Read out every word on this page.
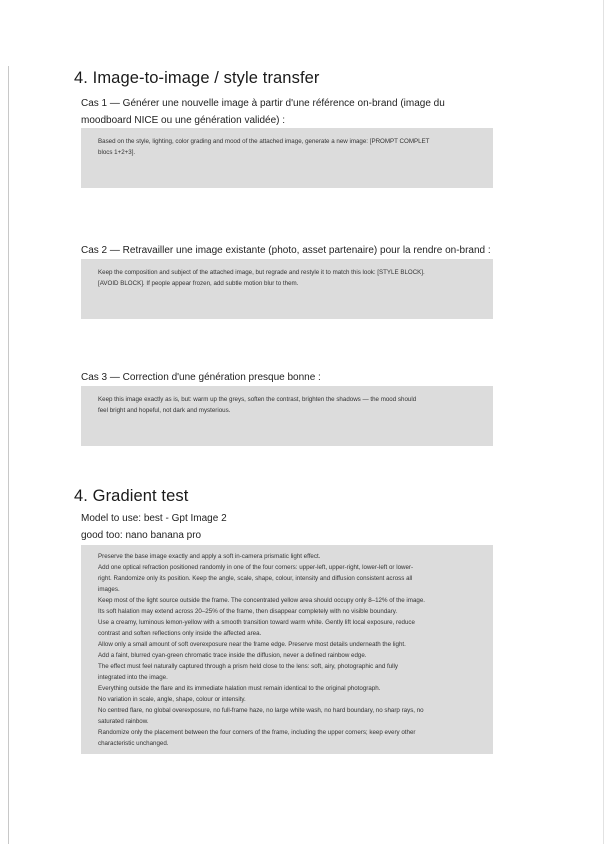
4. Image-to-image / style transfer

Cas 1 — Générer une nouvelle image à partir d'une référence on-brand (image du

moodboard NICE ou une génération validée) :

Based on the style, lighting, color grading and mood of the attached image, generate a new image: [PROMPT COMPLET
blocs 1+2+3].

Cas 2 — Retravailler une image existante (photo, asset partenaire) pour la rendre on-brand :

Keep the composition and subject of the attached image, but regrade and restyle it to match this look: [STYLE BLOCK].
[AVOID BLOCK]. If people appear frozen, add subtle motion blur to them.

Cas 3 — Correction d'une génération presque bonne :

Keep this image exactly as is, but: warm up the greys, soften the contrast, brighten the shadows — the mood should
feel bright and hopeful, not dark and mysterious.
4. Gradient test

Model to use: best - Gpt Image 2

good too: nano banana pro

Preserve the base image exactly and apply a soft in-camera prismatic light effect.
Add one optical refraction positioned randomly in one of the four corners: upper-left, upper-right, lower-left or lower-
right. Randomize only its position. Keep the angle, scale, shape, colour, intensity and diffusion consistent across all
images.
Keep most of the light source outside the frame. The concentrated yellow area should occupy only 8–12% of the image.
Its soft halation may extend across 20–25% of the frame, then disappear completely with no visible boundary.
Use a creamy, luminous lemon-yellow with a smooth transition toward warm white. Gently lift local exposure, reduce
contrast and soften reflections only inside the affected area.
Allow only a small amount of soft overexposure near the frame edge. Preserve most details underneath the light.
Add a faint, blurred cyan-green chromatic trace inside the diffusion, never a defined rainbow edge.
The effect must feel naturally captured through a prism held close to the lens: soft, airy, photographic and fully
integrated into the image.
Everything outside the flare and its immediate halation must remain identical to the original photograph.
No variation in scale, angle, shape, colour or intensity.
No centred flare, no global overexposure, no full-frame haze, no large white wash, no hard boundary, no sharp rays, no
saturated rainbow.
Randomize only the placement between the four corners of the frame, including the upper corners; keep every other
characteristic unchanged.
